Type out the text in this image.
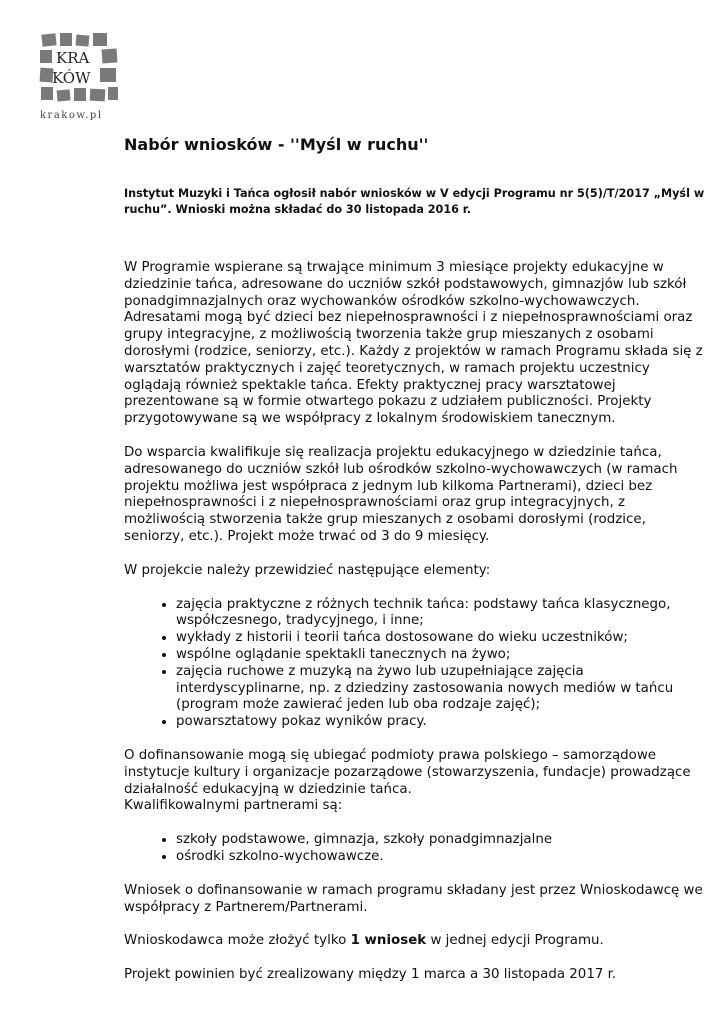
KRA
KÓW
krakow.pl
Nabór wniosków - ''Myśl w ruchu''
Instytut Muzyki i Tańca ogłosił nabór wniosków w V edycji Programu nr 5(5)/T/2017 „Myśl w ruchu”. Wnioski można składać do 30 listopada 2016 r.

W Programie wspierane są trwające minimum 3 miesiące projekty edukacyjne w dziedzinie tańca, adresowane do uczniów szkół podstawowych, gimnazjów lub szkół ponadgimnazjalnych oraz wychowanków ośrodków szkolno-wychowawczych. Adresatami mogą być dzieci bez niepełnosprawności i z niepełnosprawnościami oraz grupy integracyjne, z możliwością tworzenia także grup mieszanych z osobami dorosłymi (rodzice, seniorzy, etc.). Każdy z projektów w ramach Programu składa się z warsztatów praktycznych i zajęć teoretycznych, w ramach projektu uczestnicy oglądają również spektakle tańca. Efekty praktycznej pracy warsztatowej prezentowane są w formie otwartego pokazu z udziałem publiczności. Projekty przygotowywane są we współpracy z lokalnym środowiskiem tanecznym.

Do wsparcia kwalifikuje się realizacja projektu edukacyjnego w dziedzinie tańca, adresowanego do uczniów szkół lub ośrodków szkolno-wychowawczych (w ramach projektu możliwa jest współpraca z jednym lub kilkoma Partnerami), dzieci bez niepełnosprawności i z niepełnosprawnościami oraz grup integracyjnych, z możliwością stworzenia także grup mieszanych z osobami dorosłymi (rodzice, seniorzy, etc.). Projekt może trwać od 3 do 9 miesięcy.

W projekcie należy przewidzieć następujące elementy:

• zajęcia praktyczne z różnych technik tańca: podstawy tańca klasycznego, współczesnego, tradycyjnego, i inne;
• wykłady z historii i teorii tańca dostosowane do wieku uczestników;
• wspólne oglądanie spektakli tanecznych na żywo;
• zajęcia ruchowe z muzyką na żywo lub uzupełniające zajęcia interdyscyplinarne, np. z dziedziny zastosowania nowych mediów w tańcu (program może zawierać jeden lub oba rodzaje zajęć);
• powarsztatowy pokaz wyników pracy.

O dofinansowanie mogą się ubiegać podmioty prawa polskiego – samorządowe instytucje kultury i organizacje pozarządowe (stowarzyszenia, fundacje) prowadzące działalność edukacyjną w dziedzinie tańca.

Kwalifikowalnymi partnerami są:

• szkoły podstawowe, gimnazja, szkoły ponadgimnazjalne
• ośrodki szkolno-wychowawcze.

Wniosek o dofinansowanie w ramach programu składany jest przez Wnioskodawcę we współpracy z Partnerem/Partnerami.

Wnioskodawca może złożyć tylko 1 wniosek w jednej edycji Programu.

Projekt powinien być zrealizowany między 1 marca a 30 listopada 2017 r.
